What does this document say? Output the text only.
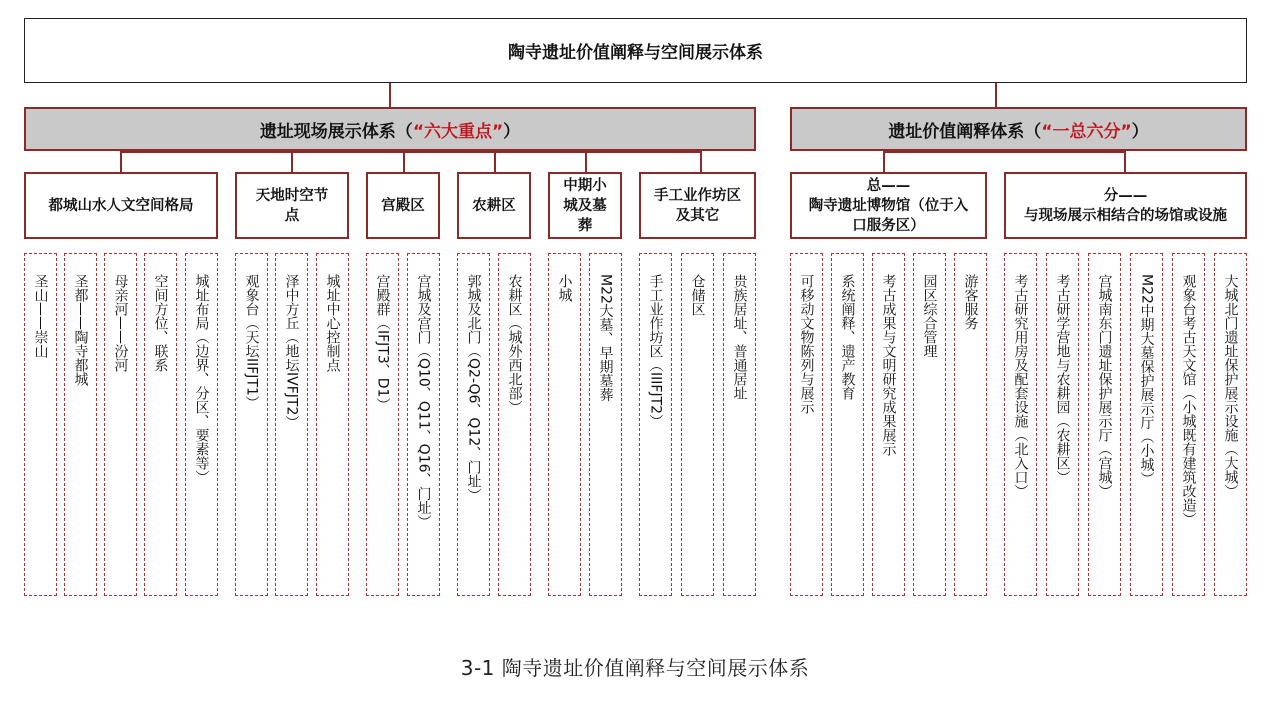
陶寺遗址价值阐释与空间展示体系
遗址现场展示体系（ “六大重点” ）	遗址价值阐释体系（ “一总六分” ）
都城山水人文空间格局
天地时空节点
宫殿区	农耕区
中期小城及墓葬
手工业作坊区及其它
总——
陶寺遗址博物馆（位于入口服务区）
分——
与现场展示相结合的场馆或设施
圣山——崇山 圣都——陶寺都城 母亲河——汾河 空间方位、联系 城址布局（边界、分区、要素等） 观象台（天坛IIFJT1） 泽中方丘（地坛IVFJT2） 城址中心控制点 宫殿群（IFJT3、D1） 宫城及宫门（Q10、Q11、Q16、门址） 郭城及北门（Q2-Q6、Q12、门址） 农耕区（城外西北部） 小城 M22大墓、早期墓葬 手工业作坊区（IIIFJT2） 仓储区 贵族居址、普通居址	可移动文物陈列与展示 系统阐释、遗产教育 考古成果与文明研究成果展示 园区综合管理 游客服务 考古研究用房及配套设施（北入口） 考古研学营地与农耕园（农耕区） 宫城南东门遗址保护展示厅（宫城） M22中期大墓保护展示厅（小城） 观象台考古天文馆（小城既有建筑改造） 大城北门遗址保护展示设施（大城）
3-1 陶寺遗址价值阐释与空间展示体系
